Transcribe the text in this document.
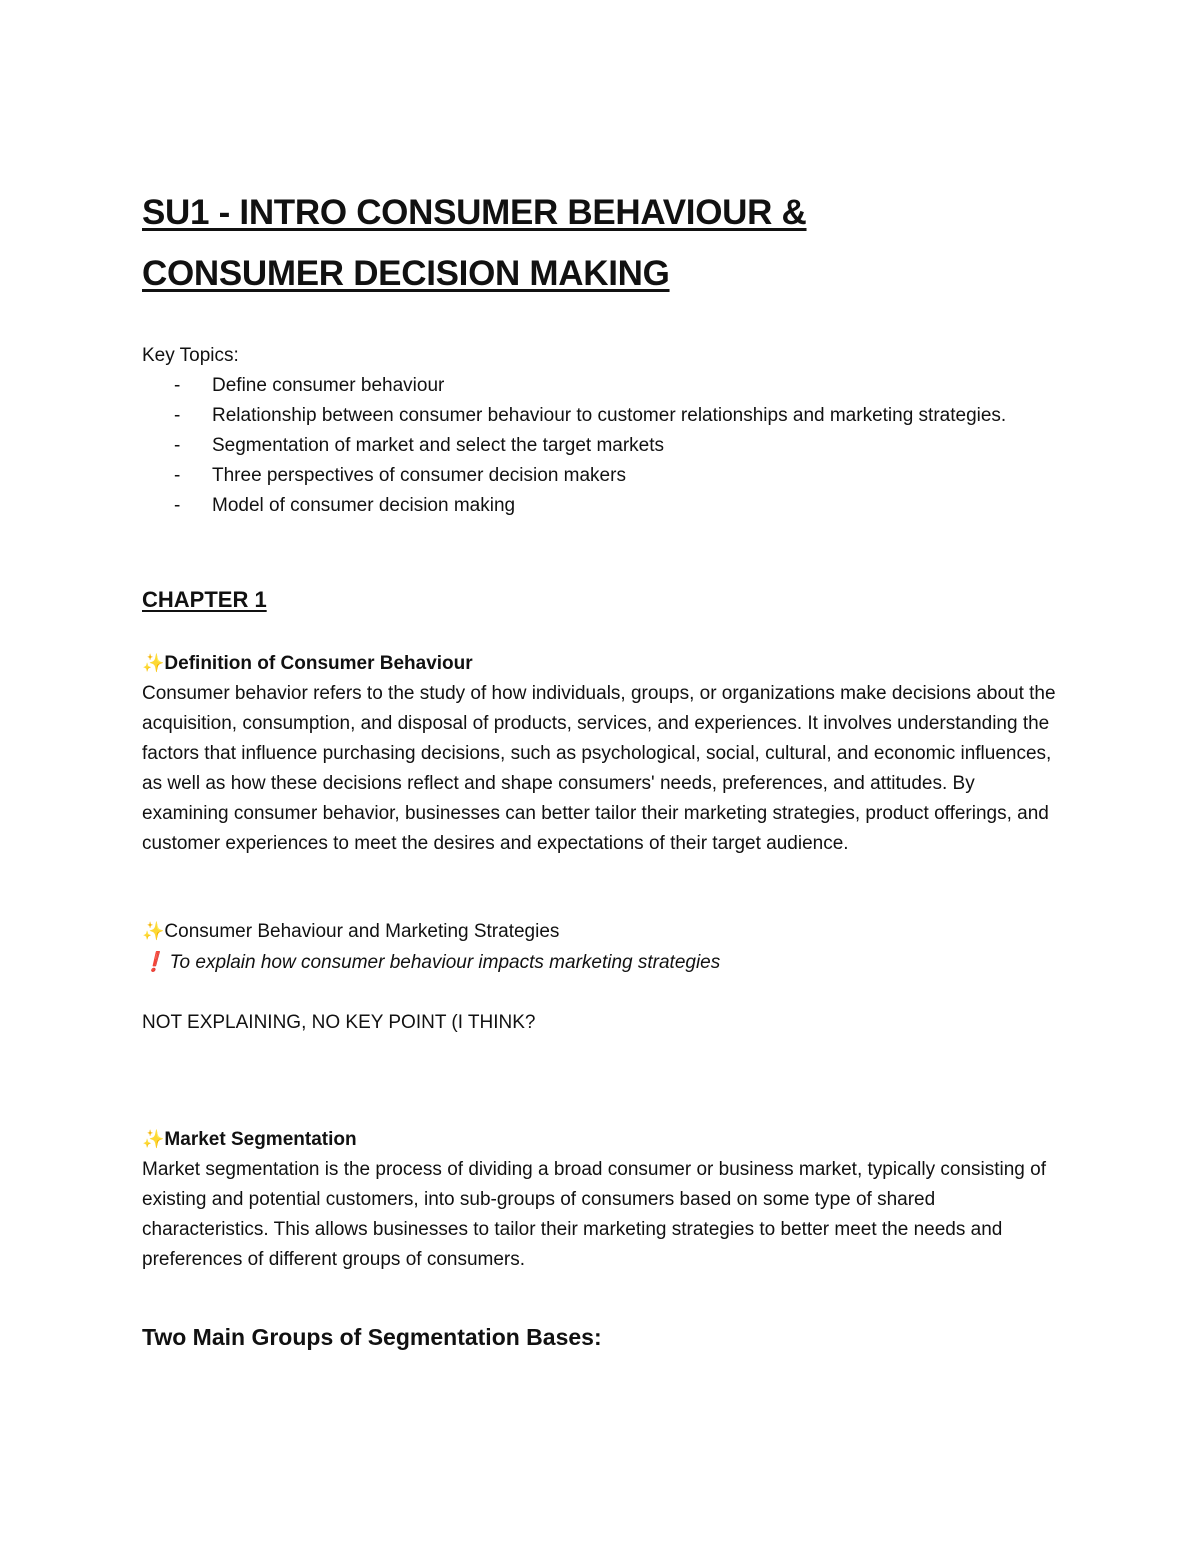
SU1 - INTRO CONSUMER BEHAVIOUR &
CONSUMER DECISION MAKING
Key Topics:
- Define consumer behaviour
- Relationship between consumer behaviour to customer relationships and marketing strategies.
- Segmentation of market and select the target markets
- Three perspectives of consumer decision makers
- Model of consumer decision making
CHAPTER 1
✨Definition of Consumer Behaviour

Consumer behavior refers to the study of how individuals, groups, or organizations make decisions about the acquisition, consumption, and disposal of products, services, and experiences. It involves understanding the factors that influence purchasing decisions, such as psychological, social, cultural, and economic influences, as well as how these decisions reflect and shape consumers' needs, preferences, and attitudes. By examining consumer behavior, businesses can better tailor their marketing strategies, product offerings, and customer experiences to meet the desires and expectations of their target audience.

✨Consumer Behaviour and Marketing Strategies
❗ To explain how consumer behaviour impacts marketing strategies

NOT EXPLAINING, NO KEY POINT (I THINK?

✨Market Segmentation

Market segmentation is the process of dividing a broad consumer or business market, typically consisting of existing and potential customers, into sub-groups of consumers based on some type of shared characteristics. This allows businesses to tailor their marketing strategies to better meet the needs and preferences of different groups of consumers.

Two Main Groups of Segmentation Bases:
